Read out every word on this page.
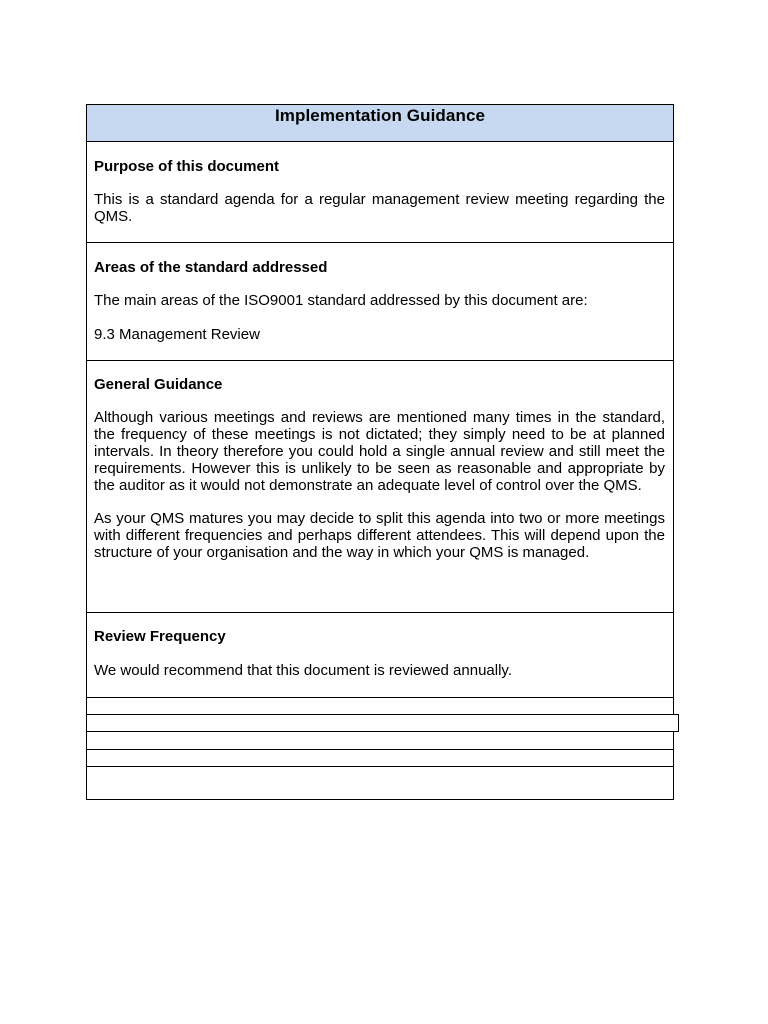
Implementation Guidance

Purpose of this document

This is a standard agenda for a regular management review meeting regarding the QMS.

Areas of the standard addressed

The main areas of the ISO9001 standard addressed by this document are:

9.3 Management Review

General Guidance

Although various meetings and reviews are mentioned many times in the standard, the frequency of these meetings is not dictated; they simply need to be at planned intervals. In theory therefore you could hold a single annual review and still meet the requirements. However this is unlikely to be seen as reasonable and appropriate by the auditor as it would not demonstrate an adequate level of control over the QMS.

As your QMS matures you may decide to split this agenda into two or more meetings with different frequencies and perhaps different attendees. This will depend upon the structure of your organisation and the way in which your QMS is managed.

Review Frequency

We would recommend that this document is reviewed annually.
